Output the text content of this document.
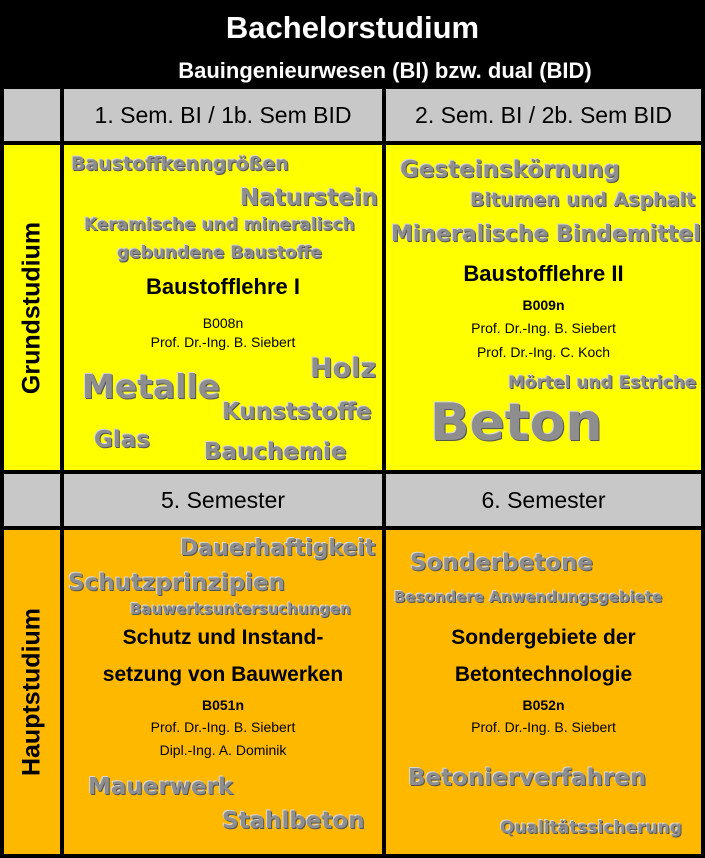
Bachelorstudium
Bauingenieurwesen (BI) bzw. dual (BID)
1. Sem. BI / 1b. Sem BID	2. Sem. BI / 2b. Sem BID
Grundstudium
Baustoffkenngrößen
Naturstein
Keramische und mineralisch
gebundene Baustoffe
Baustofflehre I
B008n
Prof. Dr.-Ing. B. Siebert
Holz
Metalle
Kunststoffe
Glas Bauchemie
Gesteinskörnung
Bitumen und Asphalt
Mineralische Bindemittel
Baustofflehre II
B009n
Prof. Dr.-Ing. B. Siebert
Prof. Dr.-Ing. C. Koch
Mörtel und Estriche
Beton
5. Semester	6. Semester
Hauptstudium
Dauerhaftigkeit
Schutzprinzipien
Bauwerksuntersuchungen
Schutz und Instand-
setzung von Bauwerken
B051n
Prof. Dr.-Ing. B. Siebert
Dipl.-Ing. A. Dominik
Mauerwerk
Stahlbeton
Sonderbetone
Besondere Anwendungsgebiete
Sondergebiete der
Betontechnologie
B052n
Prof. Dr.-Ing. B. Siebert
Betonierverfahren
Qualitätssicherung
